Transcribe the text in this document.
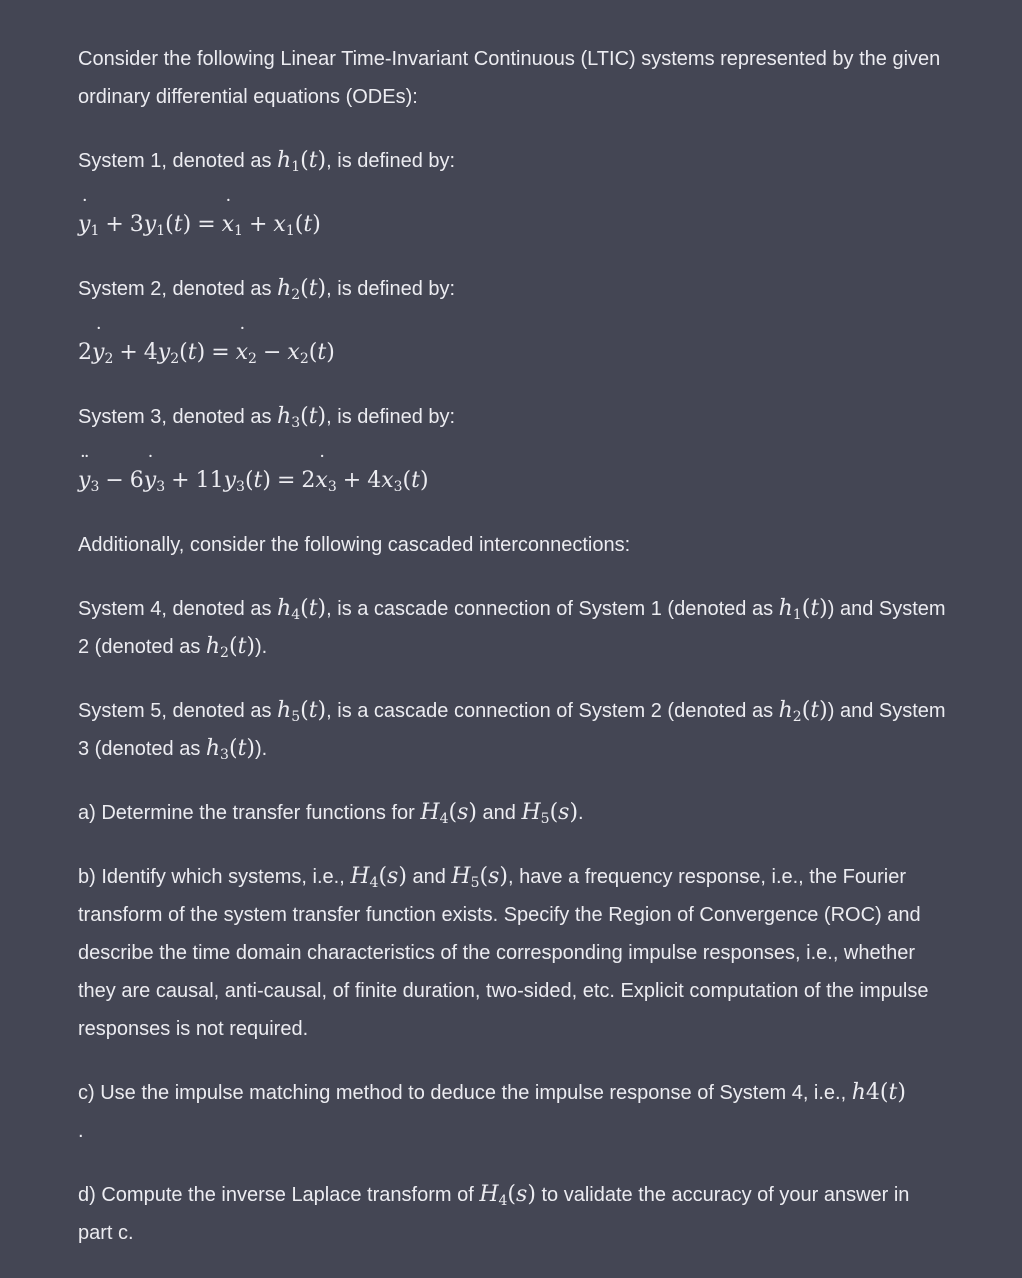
Consider the following Linear Time-Invariant Continuous (LTIC) systems represented by the given ordinary differential equations (ODEs):

System 1, denoted as $h_1(t)$, is defined by:

y $˙_1 + 3y_1(t) = x$ $˙_1 + x_1(t)$

System 2, denoted as $h_2(t)$, is defined by:

2y $˙_2 + 4y_2(t) = x$ $˙_2 - x_2(t)$

System 3, denoted as $h_3(t)$, is defined by:

y $¨_3 - 6y$ $˙_3 + 11y_3(t) = 2x$ $˙_3 + 4x_3(t)$

Additionally, consider the following cascaded interconnections:

System 4, denoted as $h_4(t)$, is a cascade connection of System 1 (denoted as $h_1(t)$) and System 2 (denoted as $h_2(t)$).

System 5, denoted as $h_5(t)$, is a cascade connection of System 2 (denoted as $h_2(t)$) and System 3 (denoted as $h_3(t)$).

a) Determine the transfer functions for $H_4(s)$ and $H_5(s)$.

b) Identify which systems, i.e., $H_4(s)$ and $H_5(s)$, have a frequency response, i.e., the Fourier transform of the system transfer function exists. Specify the Region of Convergence (ROC) and describe the time domain characteristics of the corresponding impulse responses, i.e., whether they are causal, anti-causal, of finite duration, two-sided, etc. Explicit computation of the impulse responses is not required.

c) Use the impulse matching method to deduce the impulse response of System 4, i.e., h4(t)
.

d) Compute the inverse Laplace transform of $H_4(s)$ to validate the accuracy of your answer in part c.
